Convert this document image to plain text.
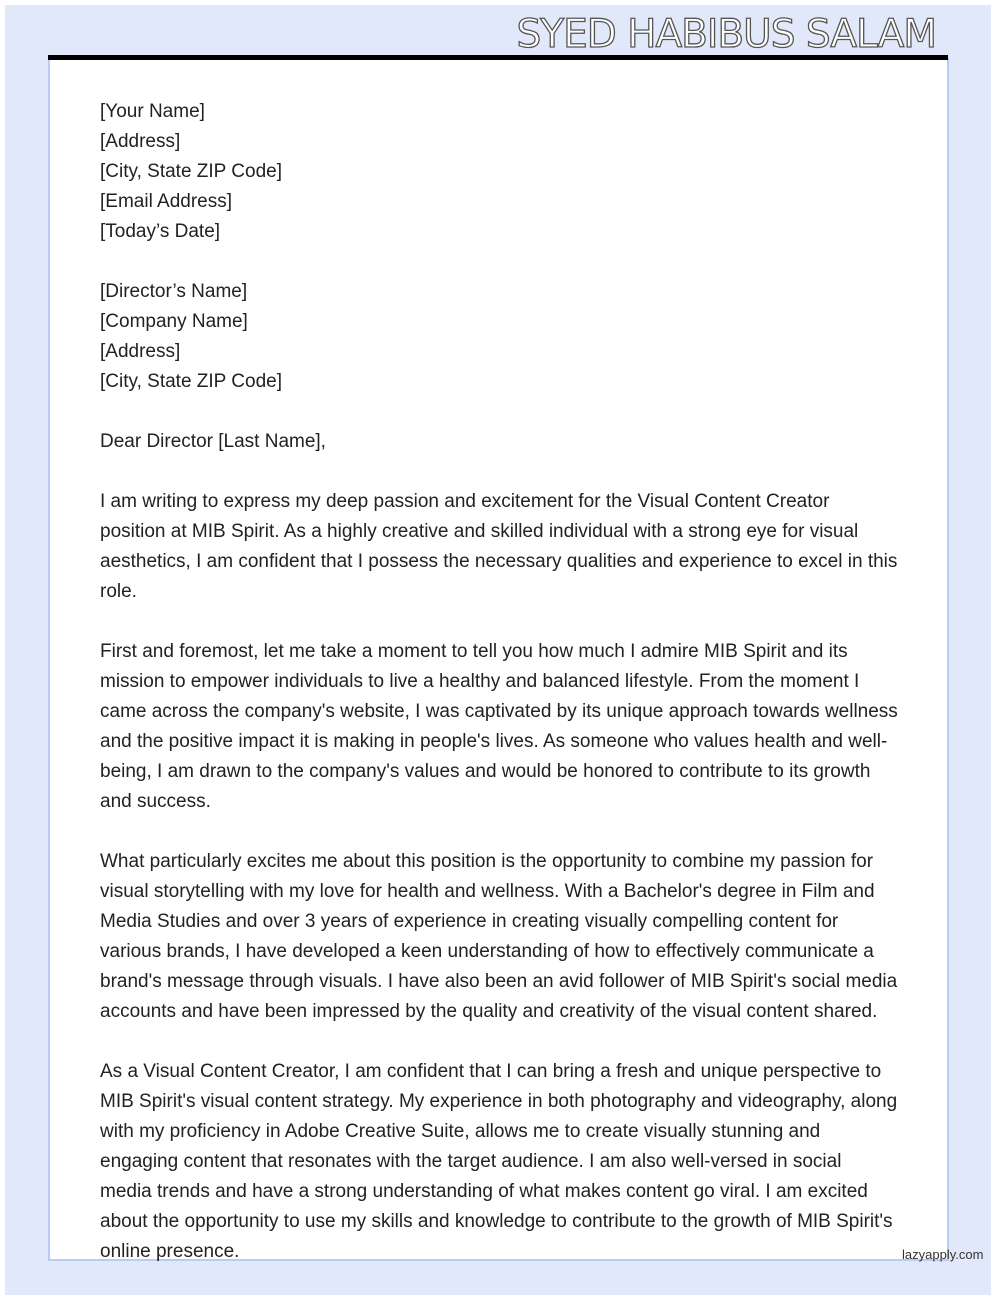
SYED HABIBUS SALAM

[Your Name]
[Address]
[City, State ZIP Code]
[Email Address]
[Today’s Date]

[Director’s Name]
[Company Name]
[Address]
[City, State ZIP Code]

Dear Director [Last Name],

I am writing to express my deep passion and excitement for the Visual Content Creator position at MIB Spirit. As a highly creative and skilled individual with a strong eye for visual aesthetics, I am confident that I possess the necessary qualities and experience to excel in this role.

First and foremost, let me take a moment to tell you how much I admire MIB Spirit and its mission to empower individuals to live a healthy and balanced lifestyle. From the moment I came across the company's website, I was captivated by its unique approach towards wellness and the positive impact it is making in people's lives. As someone who values health and well-being, I am drawn to the company's values and would be honored to contribute to its growth and success.

What particularly excites me about this position is the opportunity to combine my passion for visual storytelling with my love for health and wellness. With a Bachelor's degree in Film and Media Studies and over 3 years of experience in creating visually compelling content for various brands, I have developed a keen understanding of how to effectively communicate a brand's message through visuals. I have also been an avid follower of MIB Spirit's social media accounts and have been impressed by the quality and creativity of the visual content shared.

As a Visual Content Creator, I am confident that I can bring a fresh and unique perspective to MIB Spirit's visual content strategy. My experience in both photography and videography, along with my proficiency in Adobe Creative Suite, allows me to create visually stunning and engaging content that resonates with the target audience. I am also well-versed in social media trends and have a strong understanding of what makes content go viral. I am excited about the opportunity to use my skills and knowledge to contribute to the growth of MIB Spirit's online presence.	lazyapply.com
